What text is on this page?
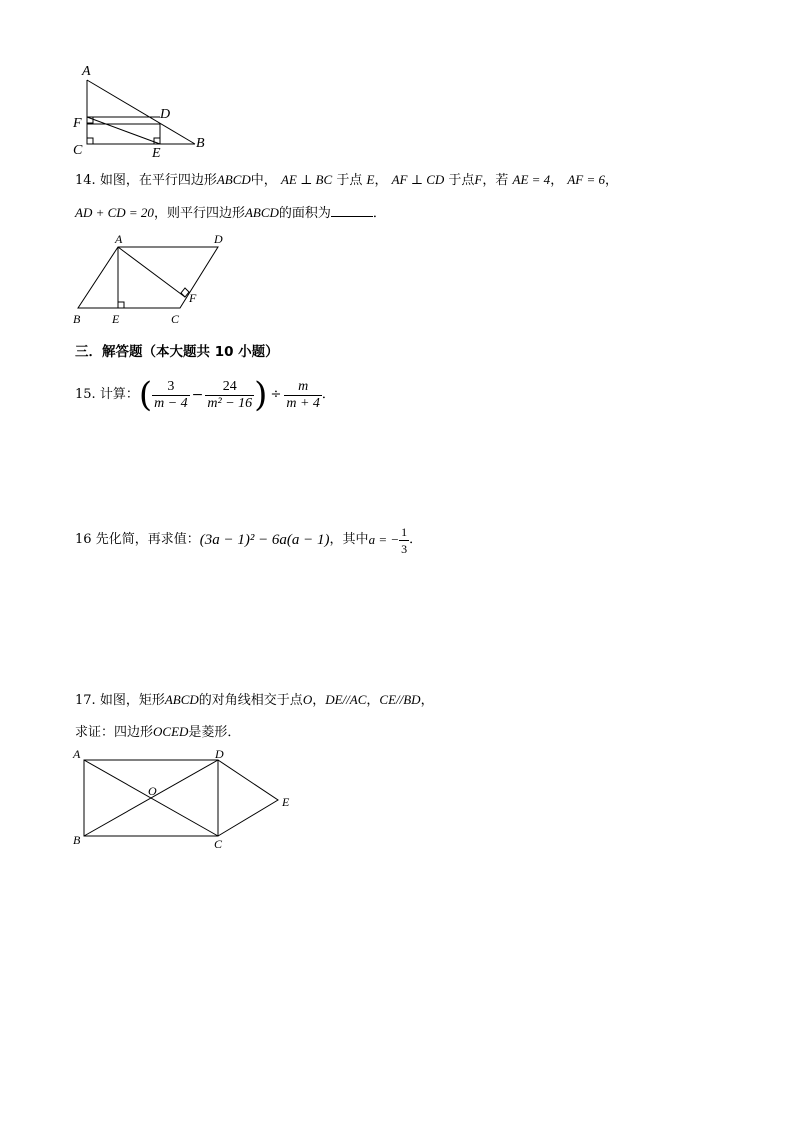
A
F
C
D
E
B
14. 如图，在平行四边形ABCD中， AE ⊥ BC 于点 E， AF ⊥ CD 于点F，若 AE = 4， AF = 6，
AD + CD = 20，则平行四边形ABCD的面积为	．
A	D
F
B	E	C
三．解答题（本大题共 10 小题）
15.
计算： ( $\frac{3}{m - 4} - \frac{24}{\text{m² − 16}}$ ) ÷ $\frac{m}{m + 4}$ ．
16
先化简，再求值： (3a − 1)² − 6a(a − 1) ，其中 a = − $\frac{1}{3}$ ．
17. 如图，矩形ABCD的对角线相交于点O，DE//AC，CE//BD，
求证：四边形OCED是菱形．
A	D
O
E
B	C
